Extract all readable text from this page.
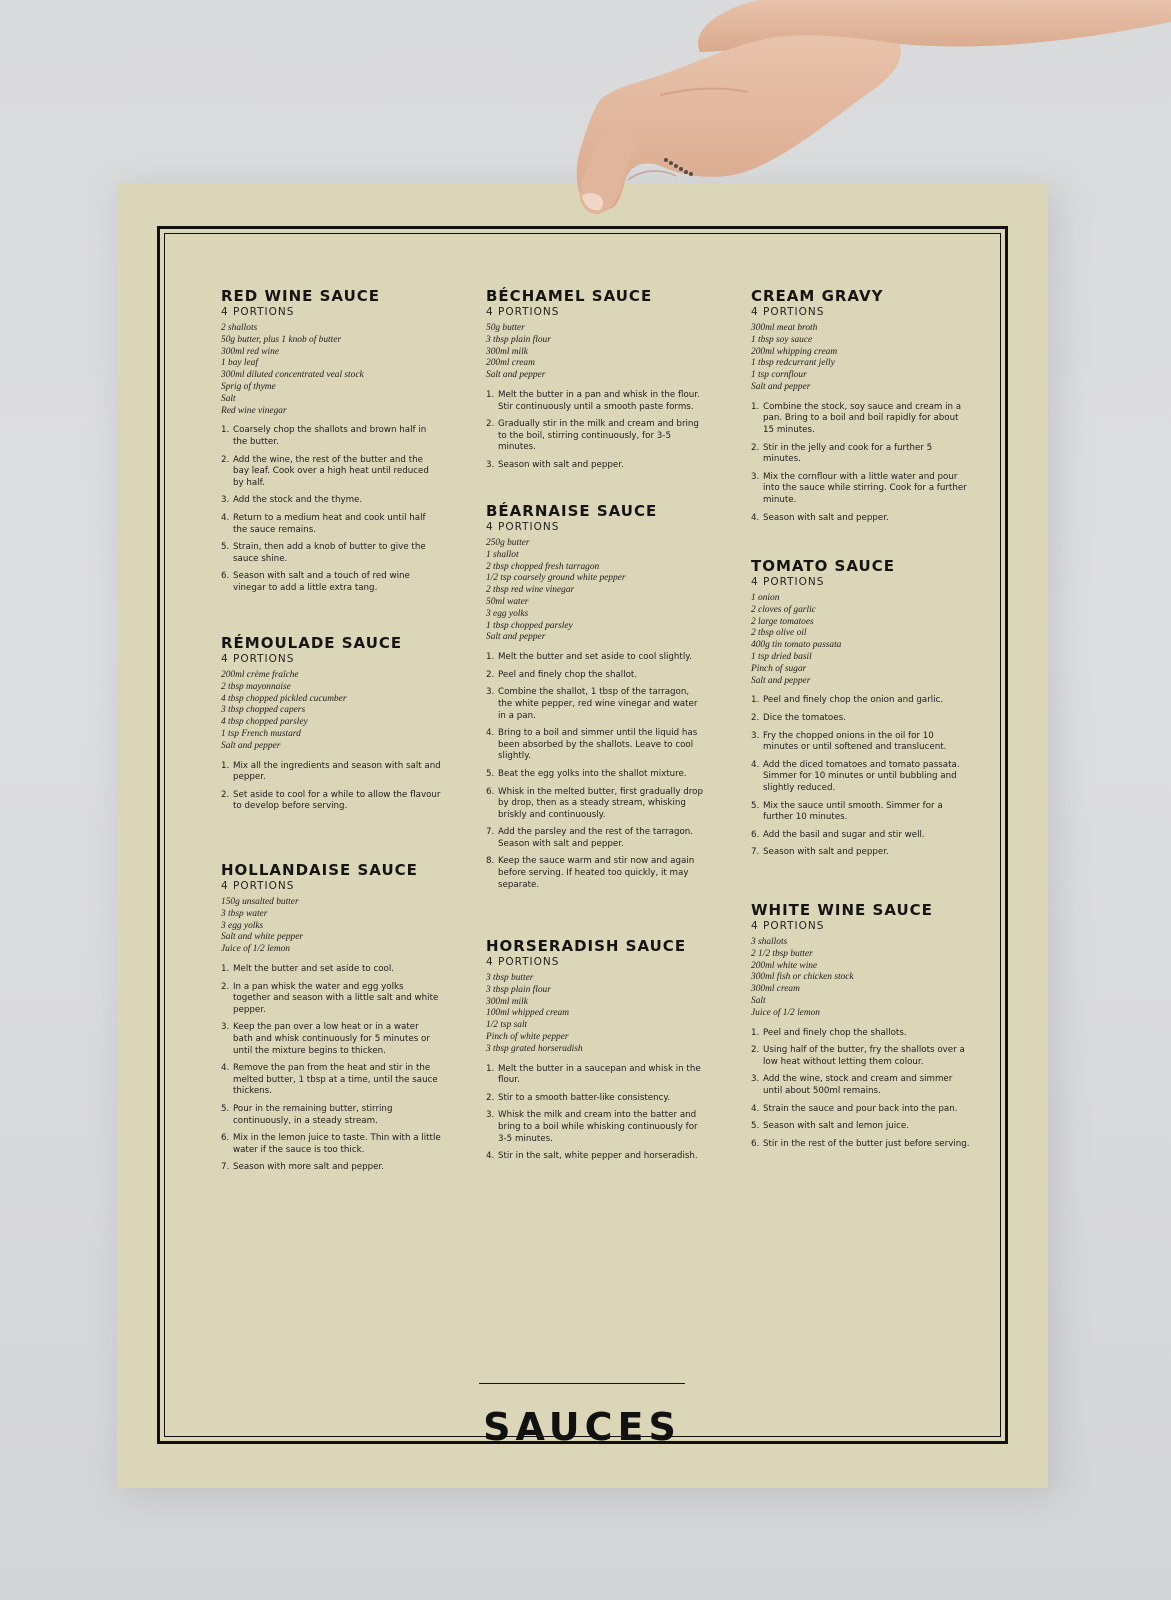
RED WINE SAUCE
4 PORTIONS
2 shallots
50g butter, plus 1 knob of butter
300ml red wine
1 bay leaf
300ml diluted concentrated veal stock
Sprig of thyme
Salt
Red wine vinegar
1. Coarsely chop the shallots and brown half in the butter.
2. Add the wine, the rest of the butter and the bay leaf. Cook over a high heat until reduced by half.
3. Add the stock and the thyme.
4. Return to a medium heat and cook until half the sauce remains.
5. Strain, then add a knob of butter to give the sauce shine.
6. Season with salt and a touch of red wine vinegar to add a little extra tang.
RÉMOULADE SAUCE
4 PORTIONS
200ml crème fraîche
2 tbsp mayonnaise
4 tbsp chopped pickled cucumber
3 tbsp chopped capers
4 tbsp chopped parsley
1 tsp French mustard
Salt and pepper
1. Mix all the ingredients and season with salt and pepper.
2. Set aside to cool for a while to allow the flavour to develop before serving.
HOLLANDAISE SAUCE
4 PORTIONS
150g unsalted butter
3 tbsp water
3 egg yolks
Salt and white pepper
Juice of 1/2 lemon
1. Melt the butter and set aside to cool.
2. In a pan whisk the water and egg yolks together and season with a little salt and white pepper.
3. Keep the pan over a low heat or in a water bath and whisk continuously for 5 minutes or until the mixture begins to thicken.
4. Remove the pan from the heat and stir in the melted butter, 1 tbsp at a time, until the sauce thickens.
5. Pour in the remaining butter, stirring continuously, in a steady stream.
6. Mix in the lemon juice to taste. Thin with a little water if the sauce is too thick.
7. Season with more salt and pepper.
BÉCHAMEL SAUCE
4 PORTIONS
50g butter
3 tbsp plain flour
300ml milk
200ml cream
Salt and pepper
1. Melt the butter in a pan and whisk in the flour. Stir continuously until a smooth paste forms.
2. Gradually stir in the milk and cream and bring to the boil, stirring continuously, for 3-5 minutes.
3. Season with salt and pepper.
BÉARNAISE SAUCE
4 PORTIONS
250g butter
1 shallot
2 tbsp chopped fresh tarragon
1/2 tsp coarsely ground white pepper
2 tbsp red wine vinegar
50ml water
3 egg yolks
1 tbsp chopped parsley
Salt and pepper
1. Melt the butter and set aside to cool slightly.
2. Peel and finely chop the shallot.
3. Combine the shallot, 1 tbsp of the tarragon, the white pepper, red wine vinegar and water in a pan.
4. Bring to a boil and simmer until the liquid has been absorbed by the shallots. Leave to cool slightly.
5. Beat the egg yolks into the shallot mixture.
6. Whisk in the melted butter, first gradually drop by drop, then as a steady stream, whisking briskly and continuously.
7. Add the parsley and the rest of the tarragon. Season with salt and pepper.
8. Keep the sauce warm and stir now and again before serving. If heated too quickly, it may separate.
HORSERADISH SAUCE
4 PORTIONS
3 tbsp butter
3 tbsp plain flour
300ml milk
100ml whipped cream
1/2 tsp salt
Pinch of white pepper
3 tbsp grated horseradish
1. Melt the butter in a saucepan and whisk in the flour.
2. Stir to a smooth batter-like consistency.
3. Whisk the milk and cream into the batter and bring to a boil while whisking continuously for 3-5 minutes.
4. Stir in the salt, white pepper and horseradish.
CREAM GRAVY
4 PORTIONS
300ml meat broth
1 tbsp soy sauce
200ml whipping cream
1 tbsp redcurrant jelly
1 tsp cornflour
Salt and pepper
1. Combine the stock, soy sauce and cream in a pan. Bring to a boil and boil rapidly for about 15 minutes.
2. Stir in the jelly and cook for a further 5 minutes.
3. Mix the cornflour with a little water and pour into the sauce while stirring. Cook for a further minute.
4. Season with salt and pepper.
TOMATO SAUCE
4 PORTIONS
1 onion
2 cloves of garlic
2 large tomatoes
2 tbsp olive oil
400g tin tomato passata
1 tsp dried basil
Pinch of sugar
Salt and pepper
1. Peel and finely chop the onion and garlic.
2. Dice the tomatoes.
3. Fry the chopped onions in the oil for 10 minutes or until softened and translucent.
4. Add the diced tomatoes and tomato passata. Simmer for 10 minutes or until bubbling and slightly reduced.
5. Mix the sauce until smooth. Simmer for a further 10 minutes.
6. Add the basil and sugar and stir well.
7. Season with salt and pepper.
WHITE WINE SAUCE
4 PORTIONS
3 shallots
2 1/2 tbsp butter
200ml white wine
300ml fish or chicken stock
300ml cream
Salt
Juice of 1/2 lemon
1. Peel and finely chop the shallots.
2. Using half of the butter, fry the shallots over a low heat without letting them colour.
3. Add the wine, stock and cream and simmer until about 500ml remains.
4. Strain the sauce and pour back into the pan.
5. Season with salt and lemon juice.
6. Stir in the rest of the butter just before serving.
SAUCES
